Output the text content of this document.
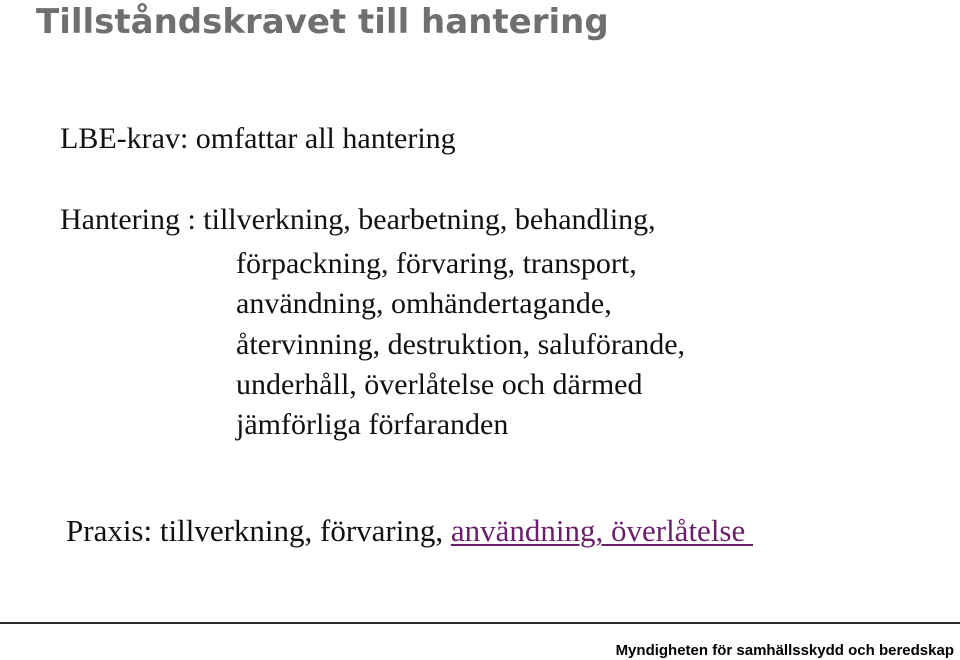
Tillståndskravet till hantering
LBE-krav: omfattar all hantering
Hantering : tillverkning, bearbetning, behandling,
förpackning, förvaring, transport,
användning, omhändertagande,
återvinning, destruktion, saluförande,
underhåll, överlåtelse och därmed
jämförliga förfaranden
Praxis: tillverkning, förvaring, användning, överlåtelse
Myndigheten för samhällsskydd och beredskap
